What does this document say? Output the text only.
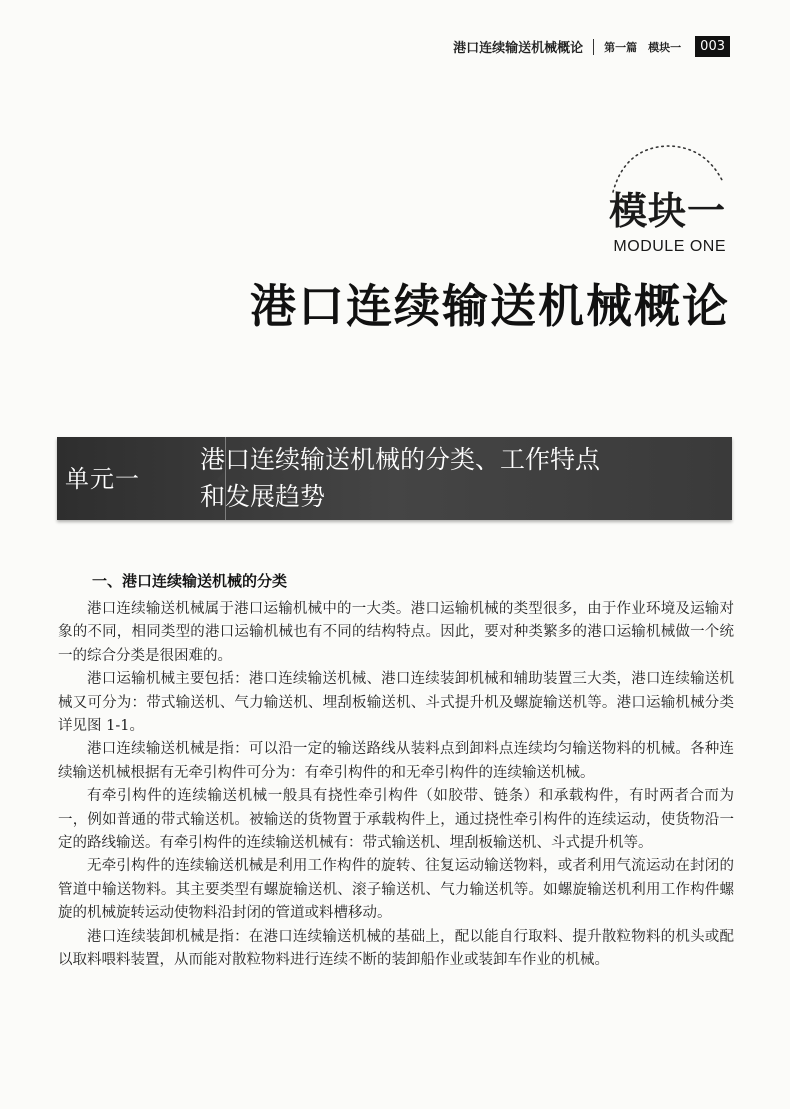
港口连续输送机械概论 第一篇　模块一	003
模块一
MODULE ONE
港口连续输送机械概论
单元一
港口连续输送机械的分类、工作特点
和发展趋势
一、港口连续输送机械的分类

港口连续输送机械属于港口运输机械中的一大类。港口运输机械的类型很多，由于作业环境及运输对象的不同，相同类型的港口运输机械也有不同的结构特点。因此，要对种类繁多的港口运输机械做一个统一的综合分类是很困难的。

港口运输机械主要包括：港口连续输送机械、港口连续装卸机械和辅助装置三大类，港口连续输送机械又可分为：带式输送机、气力输送机、埋刮板输送机、斗式提升机及螺旋输送机等。港口运输机械分类详见图 1-1。

港口连续输送机械是指：可以沿一定的输送路线从装料点到卸料点连续均匀输送物料的机械。各种连续输送机械根据有无牵引构件可分为：有牵引构件的和无牵引构件的连续输送机械。

有牵引构件的连续输送机械一般具有挠性牵引构件（如胶带、链条）和承载构件，有时两者合而为一，例如普通的带式输送机。被输送的货物置于承载构件上，通过挠性牵引构件的连续运动，使货物沿一定的路线输送。有牵引构件的连续输送机械有：带式输送机、埋刮板输送机、斗式提升机等。

无牵引构件的连续输送机械是利用工作构件的旋转、往复运动输送物料，或者利用气流运动在封闭的管道中输送物料。其主要类型有螺旋输送机、滚子输送机、气力输送机等。如螺旋输送机利用工作构件螺旋的机械旋转运动使物料沿封闭的管道或料槽移动。

港口连续装卸机械是指：在港口连续输送机械的基础上，配以能自行取料、提升散粒物料的机头或配以取料喂料装置，从而能对散粒物料进行连续不断的装卸船作业或装卸车作业的机械。
